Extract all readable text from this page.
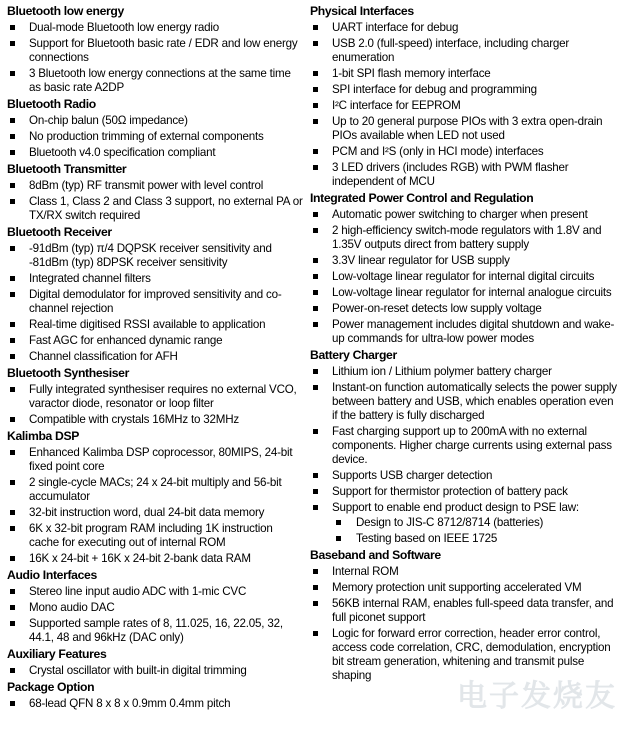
Bluetooth low energy
Dual-mode Bluetooth low energy radio
Support for Bluetooth basic rate / EDR and low energy connections
3 Bluetooth low energy connections at the same time as basic rate A2DP
Bluetooth Radio
On-chip balun (50Ω impedance)
No production trimming of external components
Bluetooth v4.0 specification compliant
Bluetooth Transmitter
8dBm (typ) RF transmit power with level control
Class 1, Class 2 and Class 3 support, no external PA or TX/RX switch required
Bluetooth Receiver
-91dBm (typ) π/4 DQPSK receiver sensitivity and -81dBm (typ) 8DPSK receiver sensitivity
Integrated channel filters
Digital demodulator for improved sensitivity and co-channel rejection
Real-time digitised RSSI available to application
Fast AGC for enhanced dynamic range
Channel classification for AFH
Bluetooth Synthesiser
Fully integrated synthesiser requires no external VCO, varactor diode, resonator or loop filter
Compatible with crystals 16MHz to 32MHz
Kalimba DSP
Enhanced Kalimba DSP coprocessor, 80MIPS, 24-bit fixed point core
2 single-cycle MACs; 24 x 24-bit multiply and 56-bit accumulator
32-bit instruction word, dual 24-bit data memory
6K x 32-bit program RAM including 1K instruction cache for executing out of internal ROM
16K x 24-bit + 16K x 24-bit 2-bank data RAM
Audio Interfaces
Stereo line input audio ADC with 1-mic CVC
Mono audio DAC
Supported sample rates of 8, 11.025, 16, 22.05, 32, 44.1, 48 and 96kHz (DAC only)
Auxiliary Features
Crystal oscillator with built-in digital trimming
Package Option
68-lead QFN 8 x 8 x 0.9mm 0.4mm pitch
Physical Interfaces
UART interface for debug
USB 2.0 (full-speed) interface, including charger enumeration
1-bit SPI flash memory interface
SPI interface for debug and programming
I²C interface for EEPROM
Up to 20 general purpose PIOs with 3 extra open-drain PIOs available when LED not used
PCM and I²S (only in HCI mode) interfaces
3 LED drivers (includes RGB) with PWM flasher independent of MCU
Integrated Power Control and Regulation
Automatic power switching to charger when present
2 high-efficiency switch-mode regulators with 1.8V and 1.35V outputs direct from battery supply
3.3V linear regulator for USB supply
Low-voltage linear regulator for internal digital circuits
Low-voltage linear regulator for internal analogue circuits
Power-on-reset detects low supply voltage
Power management includes digital shutdown and wake-up commands for ultra-low power modes
Battery Charger
Lithium ion / Lithium polymer battery charger
Instant-on function automatically selects the power supply between battery and USB, which enables operation even if the battery is fully discharged
Fast charging support up to 200mA with no external components. Higher charge currents using external pass device.
Supports USB charger detection
Support for thermistor protection of battery pack
Support to enable end product design to PSE law:
Design to JIS-C 8712/8714 (batteries)
Testing based on IEEE 1725
Baseband and Software
Internal ROM
Memory protection unit supporting accelerated VM
56KB internal RAM, enables full-speed data transfer, and full piconet support
Logic for forward error correction, header error control, access code correlation, CRC, demodulation, encryption bit stream generation, whitening and transmit pulse shaping
电子发烧友
